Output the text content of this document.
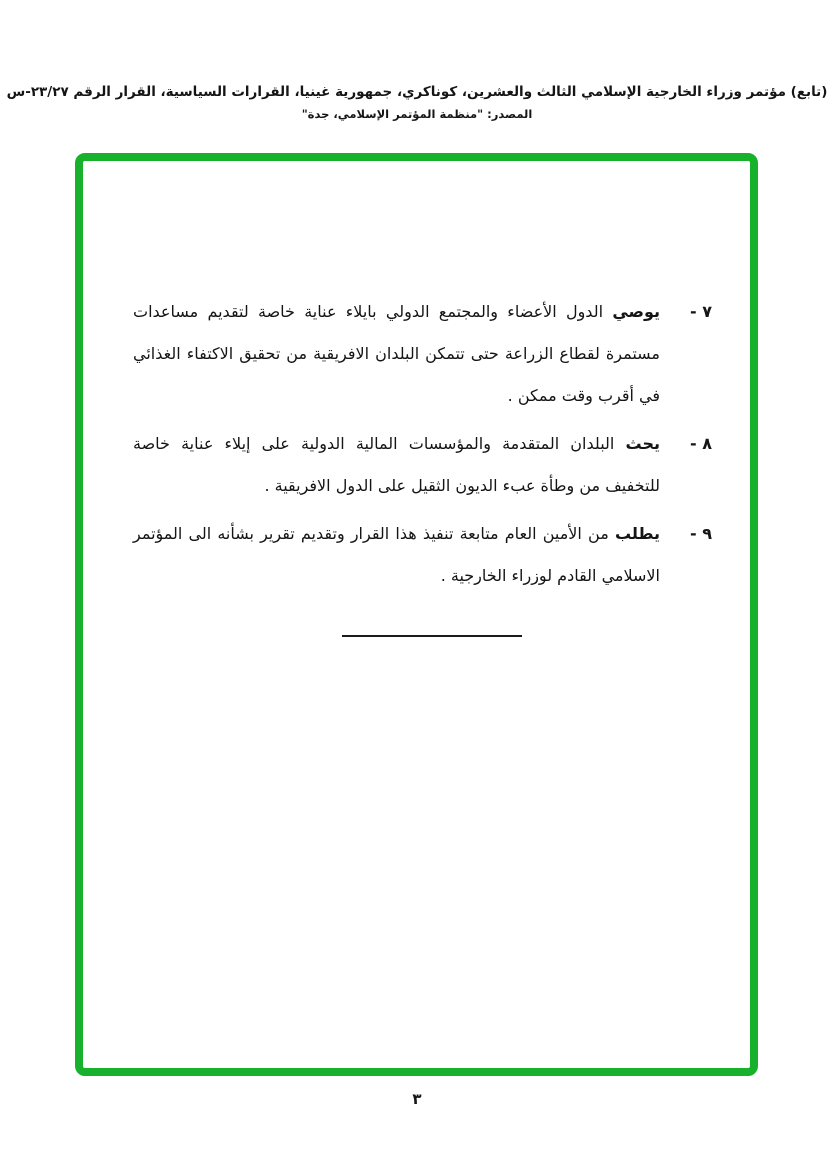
(تابع) مؤتمر وزراء الخارجية الإسلامي الثالث والعشرين، كوناكري، جمهورية غينيا، القرارات السياسية، القرار الرقم ٢٣/٢٧-س
المصدر: "منظمة المؤتمر الإسلامي، جدة"
٧ -
يوصي الدول الأعضاء والمجتمع الدولي بايلاء عناية خاصة لتقديم مساعدات مستمرة لقطاع الزراعة حتى تتمكن البلدان الافريقية من تحقيق الاكتفاء الغذائي في أقرب وقت ممكن .
٨ -
يحث البلدان المتقدمة والمؤسسات المالية الدولية على إيلاء عناية خاصة للتخفيف من وطأة عبء الديون الثقيل على الدول الافريقية .
٩ -
يطلب من الأمين العام متابعة تنفيذ هذا القرار وتقديم تقرير بشأنه الى المؤتمر الاسلامي القادم لوزراء الخارجية .
٣
